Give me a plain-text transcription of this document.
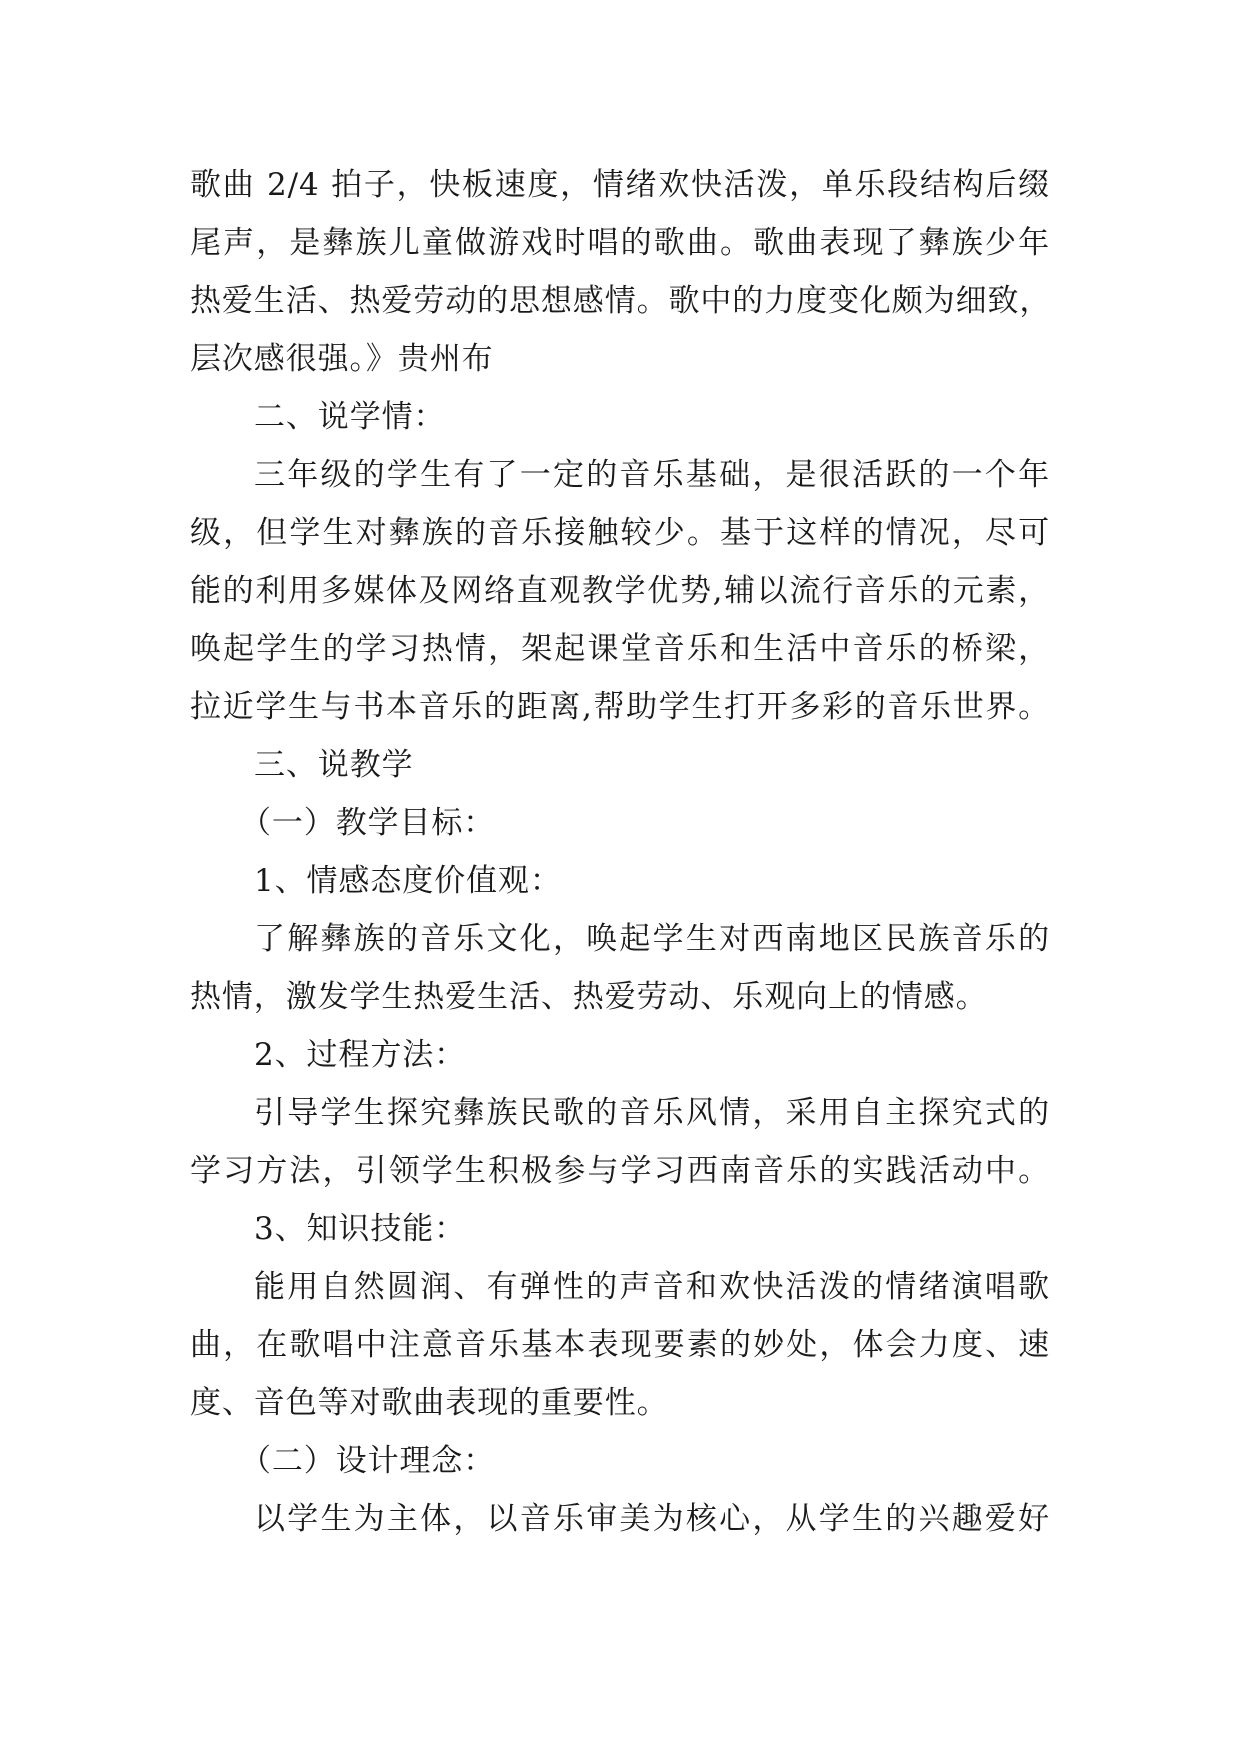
歌曲 2/4 拍子，快板速度，情绪欢快活泼，单乐段结构后缀
尾声，是彝族儿童做游戏时唱的歌曲。歌曲表现了彝族少年
热爱生活、热爱劳动的思想感情。歌中的力度变化颇为细致，
层次感很强。》贵州布
二、说学情：
三年级的学生有了一定的音乐基础，是很活跃的一个年
级，但学生对彝族的音乐接触较少。基于这样的情况，尽可
能的利用多媒体及网络直观教学优势,辅以流行音乐的元素，
唤起学生的学习热情，架起课堂音乐和生活中音乐的桥梁，
拉近学生与书本音乐的距离,帮助学生打开多彩的音乐世界。
三、说教学
（一）教学目标：
1、情感态度价值观：
了解彝族的音乐文化，唤起学生对西南地区民族音乐的
热情，激发学生热爱生活、热爱劳动、乐观向上的情感。
2、过程方法：
引导学生探究彝族民歌的音乐风情，采用自主探究式的
学习方法，引领学生积极参与学习西南音乐的实践活动中。
3、知识技能：
能用自然圆润、有弹性的声音和欢快活泼的情绪演唱歌
曲，在歌唱中注意音乐基本表现要素的妙处，体会力度、速
度、音色等对歌曲表现的重要性。
（二）设计理念：
以学生为主体，以音乐审美为核心，从学生的兴趣爱好
